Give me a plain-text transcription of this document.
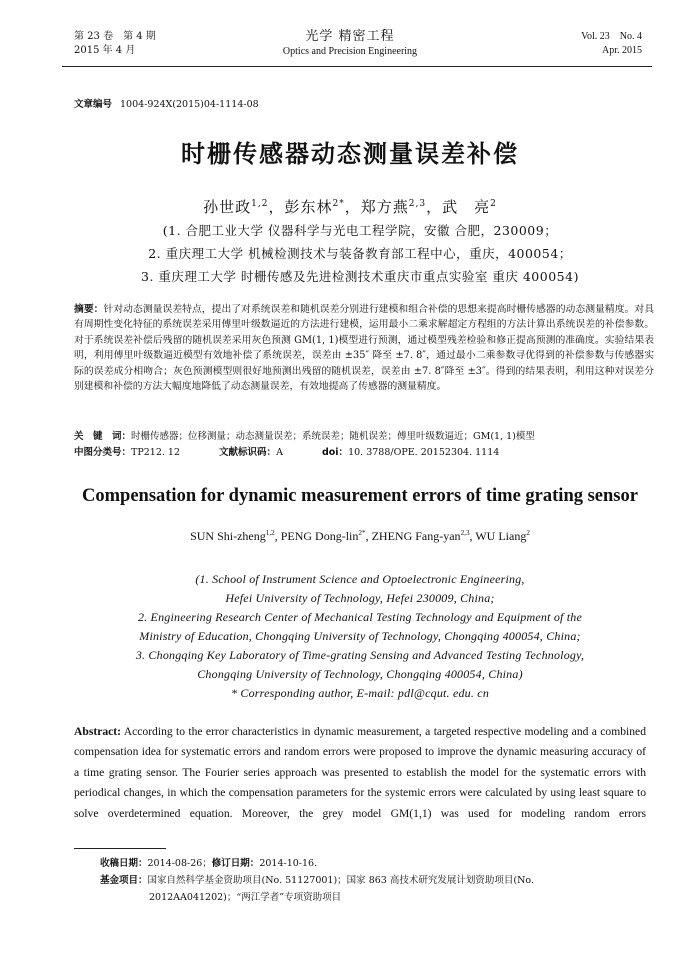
第 23 卷　第 4 期
2015 年 4 月
光学 精密工程
Optics and Precision Engineering
Vol. 23　No. 4
Apr. 2015
文章编号 1004-924X(2015)04-1114-08
时栅传感器动态测量误差补偿
孙世政$^{1,2}$，彭东林$^{2*}$，郑方燕$^{2,3}$，武　亮$^2$
(1. 合肥工业大学 仪器科学与光电工程学院，安徽 合肥，230009；
2. 重庆理工大学 机械检测技术与装备教育部工程中心，重庆，400054；
3. 重庆理工大学 时栅传感及先进检测技术重庆市重点实验室 重庆 400054)
摘要：针对动态测量误差特点，提出了对系统误差和随机误差分别进行建模和组合补偿的思想来提高时栅传感器的动态测量精度。对具有周期性变化特征的系统误差采用傅里叶级数逼近的方法进行建模，运用最小二乘求解超定方程组的方法计算出系统误差的补偿参数。对于系统误差补偿后残留的随机误差采用灰色预测 GM(1, 1)模型进行预测，通过模型残差检验和修正提高预测的准确度。实验结果表明，利用傅里叶级数逼近模型有效地补偿了系统误差，误差由 ±35″ 降至 ±7. 8″，通过最小二乘参数寻优得到的补偿参数与传感器实际的误差成分相吻合；灰色预测模型则很好地预测出残留的随机误差，误差由 ±7. 8″降至 ±3″。得到的结果表明，利用这种对误差分别建模和补偿的方法大幅度地降低了动态测量误差，有效地提高了传感器的测量精度。
关　键　词：时栅传感器；位移测量；动态测量误差；系统误差；随机误差；傅里叶级数逼近；GM(1, 1)模型
中图分类号：TP212. 12	文献标识码：A	doi：10. 3788/OPE. 20152304. 1114
Compensation for dynamic measurement errors of time grating sensor
SUN Shi-zheng$^{1,2}$, PENG Dong-lin$^{2*}$, ZHENG Fang-yan$^{2,3}$, WU Liang$^2$
(1. School of Instrument Science and Optoelectronic Engineering,
Hefei University of Technology, Hefei 230009, China;
2. Engineering Research Center of Mechanical Testing Technology and Equipment of the
Ministry of Education, Chongqing University of Technology, Chongqing 400054, China;
3. Chongqing Key Laboratory of Time-grating Sensing and Advanced Testing Technology,
Chongqing University of Technology, Chongqing 400054, China)
* Corresponding author, E-mail: pdl@cqut. edu. cn
Abstract: According to the error characteristics in dynamic measurement, a targeted respective modeling and a combined compensation idea for systematic errors and random errors were proposed to improve the dynamic measuring accuracy of a time grating sensor. The Fourier series approach was presented to establish the model for the systematic errors with periodical changes, in which the compensation parameters for the systemic errors were calculated by using least square to solve overdetermined equation. Moreover, the grey model GM(1,1) was used for modeling random errors
收稿日期：2014-08-26；修订日期：2014-10-16.
基金项目：国家自然科学基金资助项目(No. 51127001)；国家 863 高技术研究发展计划资助项目(No.
2012AA041202)；“两江学者”专项资助项目
